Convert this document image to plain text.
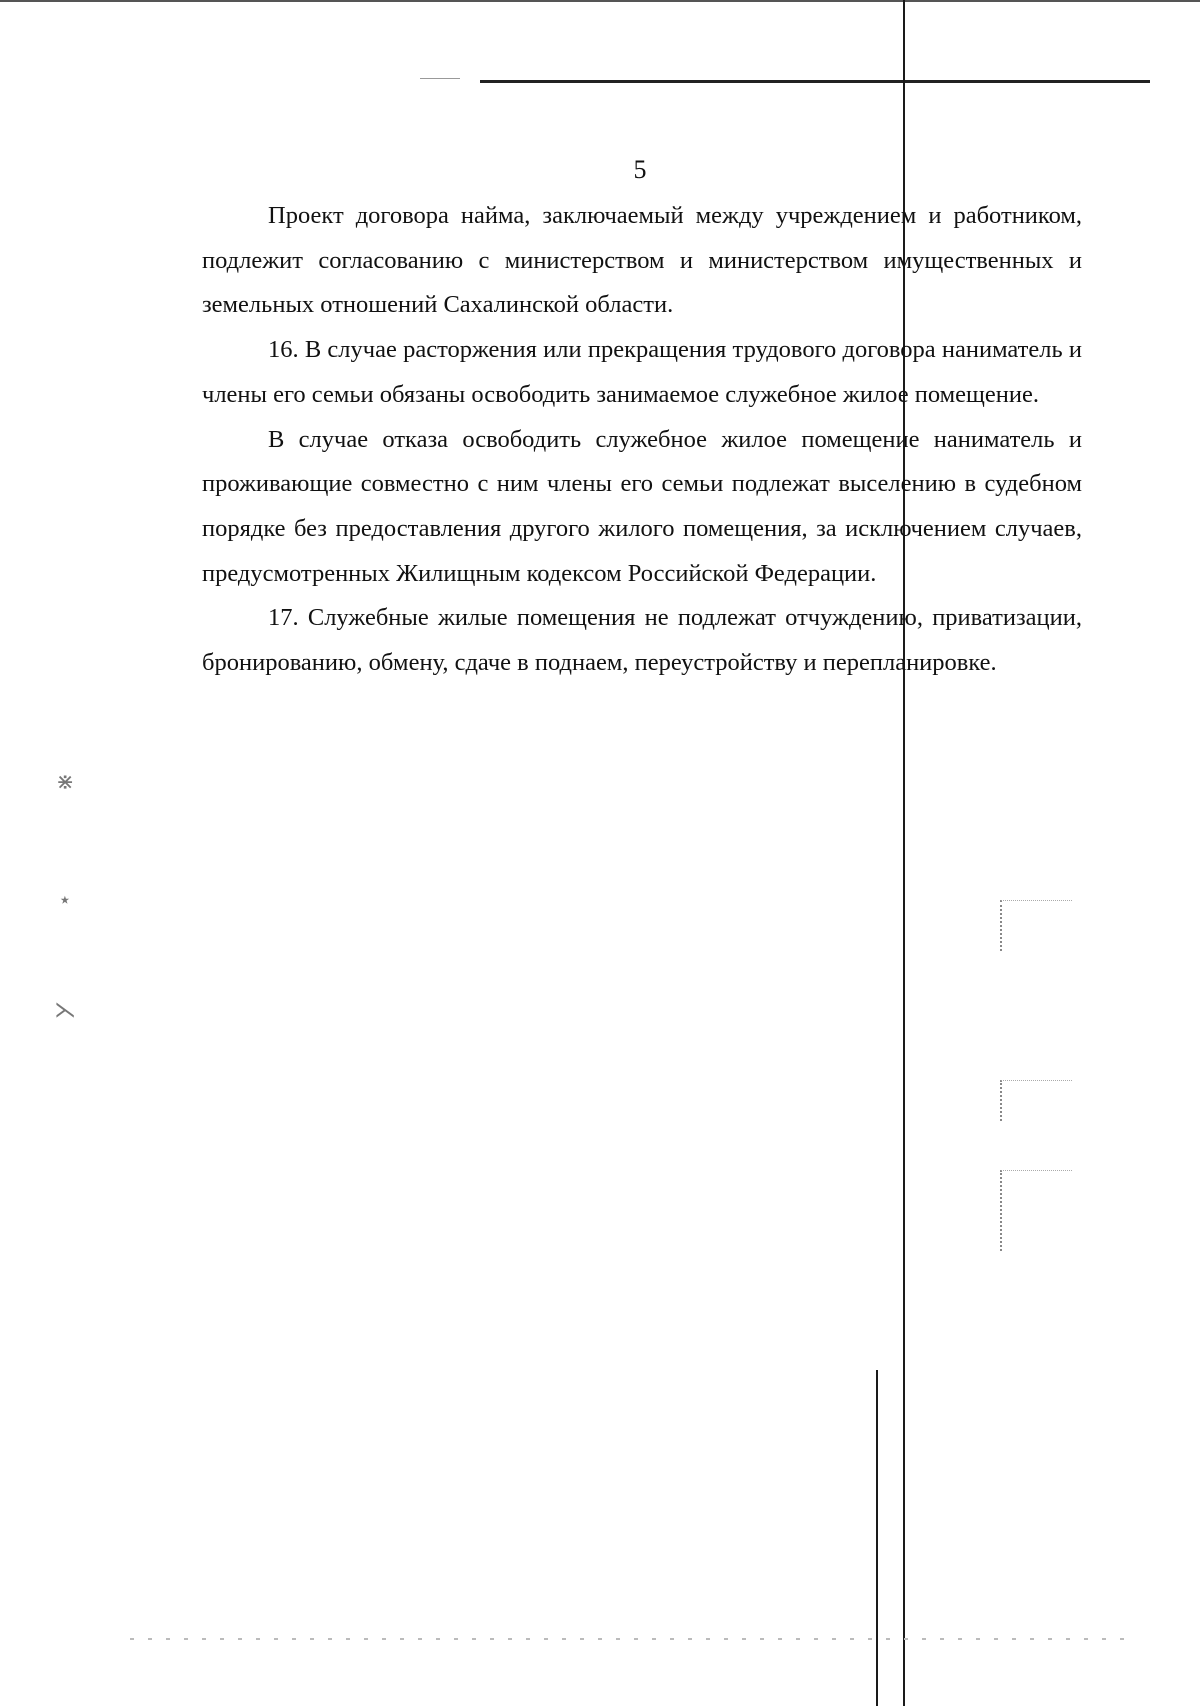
⋇
⋆
⋋
5

Проект договора найма, заключаемый между учреждением и работником, подлежит согласованию с министерством и министерством имущественных и земельных отношений Сахалинской области.

16. В случае расторжения или прекращения трудового договора наниматель и члены его семьи обязаны освободить занимаемое служебное жилое помещение.

В случае отказа освободить служебное жилое помещение наниматель и проживающие совместно с ним члены его семьи подлежат выселению в судебном порядке без предоставления другого жилого помещения, за исключением случаев, предусмотренных Жилищным кодексом Российской Федерации.

17. Служебные жилые помещения не подлежат отчуждению, приватизации, бронированию, обмену, сдаче в поднаем, переустройству и перепланировке.
